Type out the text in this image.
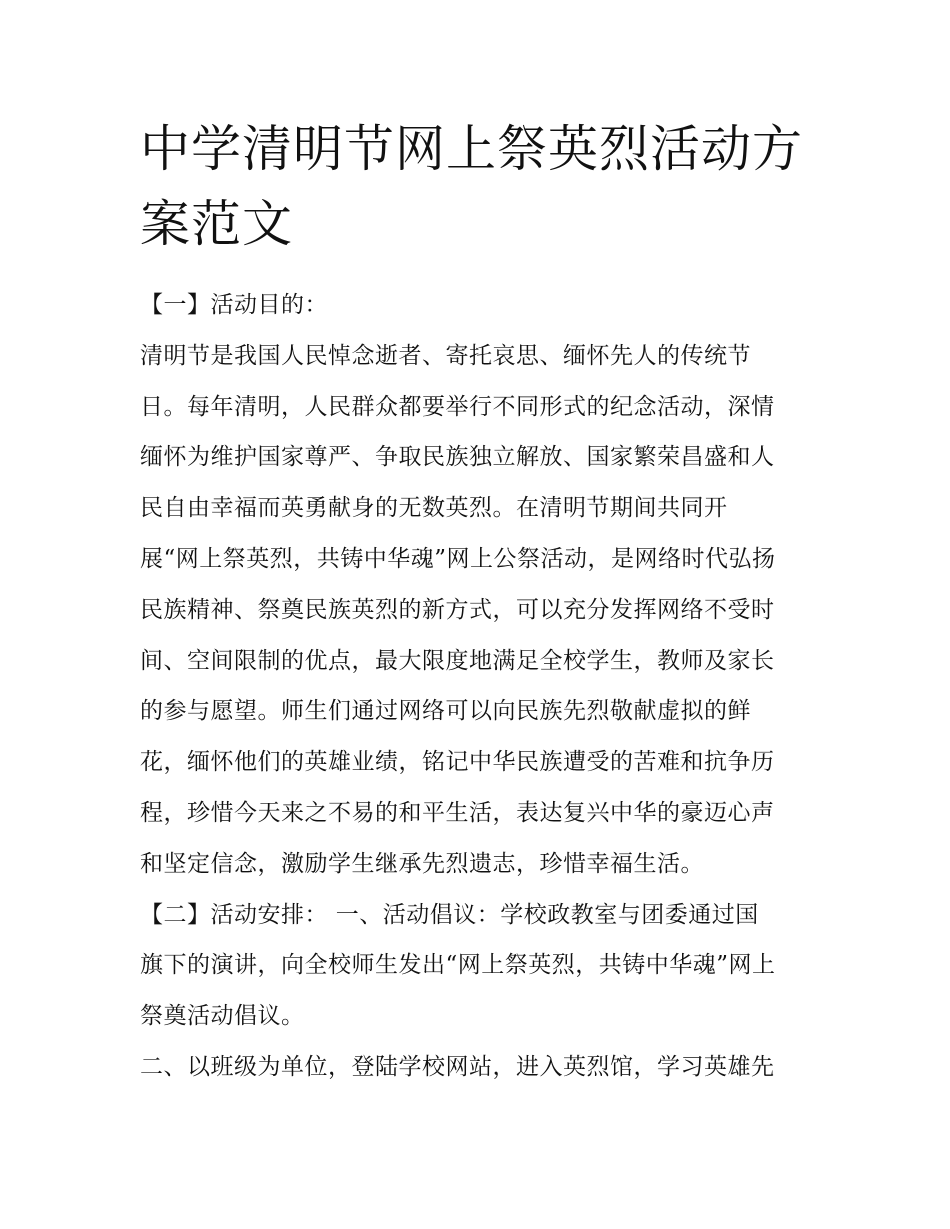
中学清明节网上祭英烈活动方
案范文
【一】活动目的：
清明节是我国人民悼念逝者、寄托哀思、缅怀先人的传统节
日。每年清明，人民群众都要举行不同形式的纪念活动，深情
缅怀为维护国家尊严、争取民族独立解放、国家繁荣昌盛和人
民自由幸福而英勇献身的无数英烈。在清明节期间共同开
展“网上祭英烈，共铸中华魂”网上公祭活动，是网络时代弘扬
民族精神、祭奠民族英烈的新方式，可以充分发挥网络不受时
间、空间限制的优点，最大限度地满足全校学生，教师及家长
的参与愿望。师生们通过网络可以向民族先烈敬献虚拟的鲜
花，缅怀他们的英雄业绩，铭记中华民族遭受的苦难和抗争历
程，珍惜今天来之不易的和平生活，表达复兴中华的豪迈心声
和坚定信念，激励学生继承先烈遗志，珍惜幸福生活。
【二】活动安排： 一、活动倡议：学校政教室与团委通过国
旗下的演讲，向全校师生发出“网上祭英烈，共铸中华魂”网上
祭奠活动倡议。
二、以班级为单位，登陆学校网站，进入英烈馆，学习英雄先
